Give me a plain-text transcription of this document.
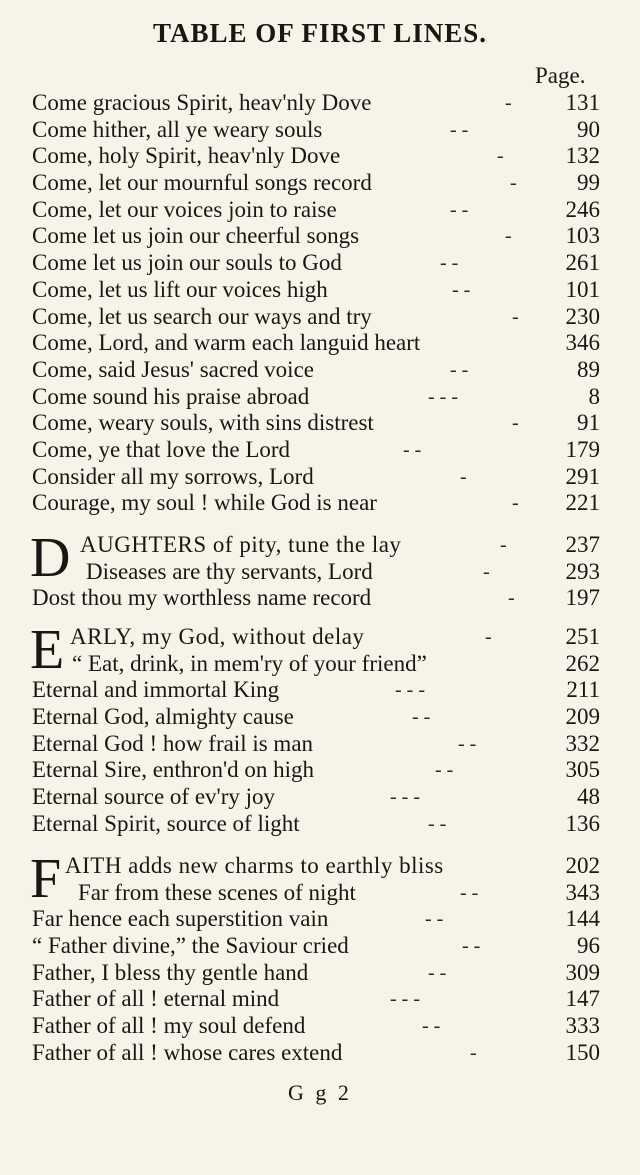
TABLE OF FIRST LINES.
Page.
Come gracious Spirit, heav'nly Dove	-	131
Come hither, all ye weary souls	- -	90
Come, holy Spirit, heav'nly Dove	-	132
Come, let our mournful songs record	-	99
Come, let our voices join to raise	- -	246
Come let us join our cheerful songs	-	103
Come let us join our souls to God	- -	261
Come, let us lift our voices high	- -	101
Come, let us search our ways and try	-	230
Come, Lord, and warm each languid heart	346
Come, said Jesus' sacred voice	- -	89
Come sound his praise abroad	- - -	8
Come, weary souls, with sins distrest	-	91
Come, ye that love the Lord	- -	179
Consider all my sorrows, Lord	-	291
Courage, my soul ! while God is near	-	221
D AUGHTERS of pity, tune the lay	-	237
Diseases are thy servants, Lord	-	293
Dost thou my worthless name record	-	197
E ARLY, my God, without delay	-	251
“ Eat, drink, in mem'ry of your friend”	262
Eternal and immortal King	- - -	211
Eternal God, almighty cause	- -	209
Eternal God ! how frail is man	- -	332
Eternal Sire, enthron'd on high	- -	305
Eternal source of ev'ry joy	- - -	48
Eternal Spirit, source of light	- -	136
F AITH adds new charms to earthly bliss	202
Far from these scenes of night	- -	343
Far hence each superstition vain	- -	144
“ Father divine,” the Saviour cried	- -	96
Father, I bless thy gentle hand	- -	309
Father of all ! eternal mind	- - -	147
Father of all ! my soul defend	- -	333
Father of all ! whose cares extend	-	150
G g 2
